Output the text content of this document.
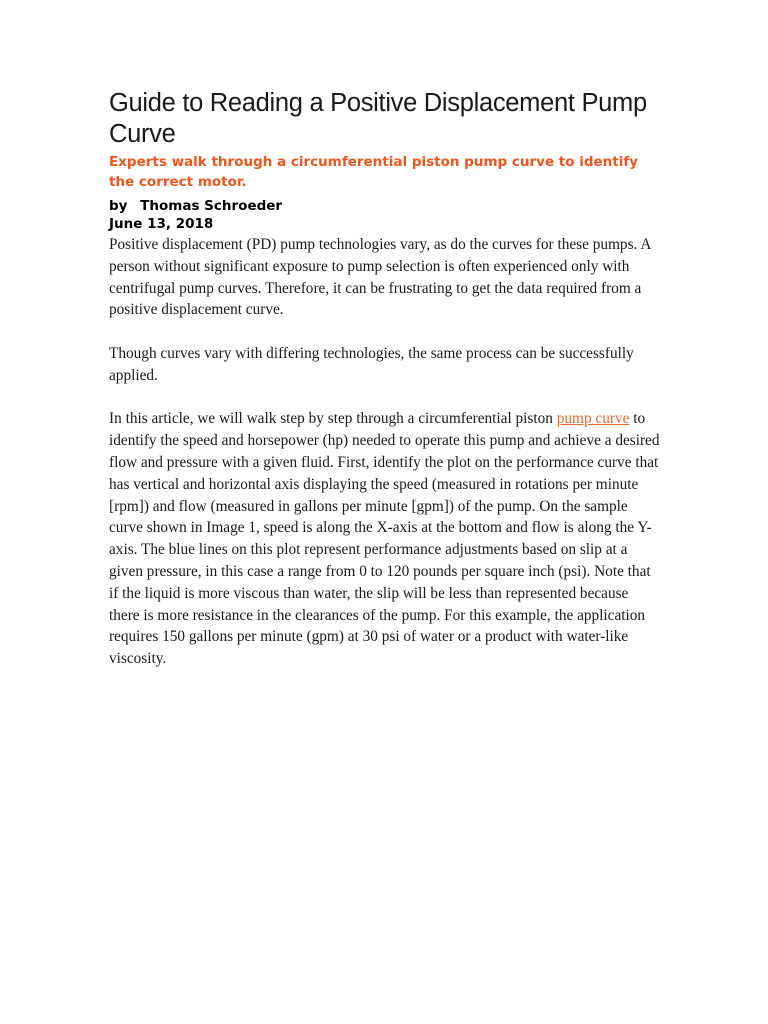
Guide to Reading a Positive Displacement Pump Curve

Experts walk through a circumferential piston pump curve to identify the correct motor.

by Thomas Schroeder

June 13, 2018

Positive displacement (PD) pump technologies vary, as do the curves for these pumps. A person without significant exposure to pump selection is often experienced only with centrifugal pump curves. Therefore, it can be frustrating to get the data required from a positive displacement curve.

Though curves vary with differing technologies, the same process can be successfully applied.

In this article, we will walk step by step through a circumferential piston pump curve to identify the speed and horsepower (hp) needed to operate this pump and achieve a desired flow and pressure with a given fluid. First, identify the plot on the performance curve that has vertical and horizontal axis displaying the speed (measured in rotations per minute [rpm]) and flow (measured in gallons per minute [gpm]) of the pump. On the sample curve shown in Image 1, speed is along the X-axis at the bottom and flow is along the Y-axis. The blue lines on this plot represent performance adjustments based on slip at a given pressure, in this case a range from 0 to 120 pounds per square inch (psi). Note that if the liquid is more viscous than water, the slip will be less than represented because there is more resistance in the clearances of the pump. For this example, the application requires 150 gallons per minute (gpm) at 30 psi of water or a product with water-like viscosity.
